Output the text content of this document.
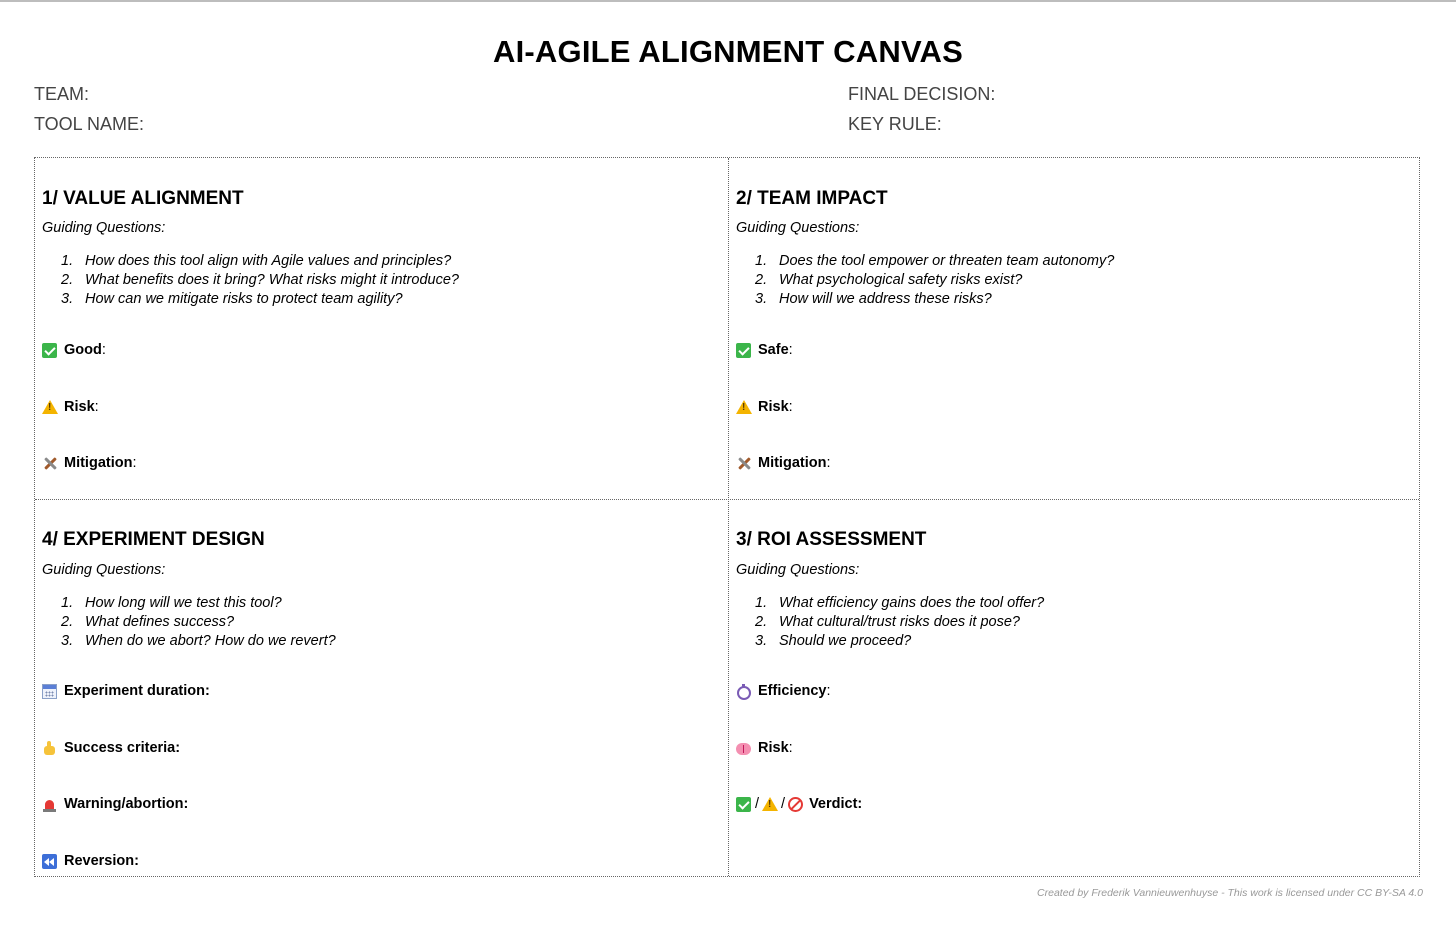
AI-AGILE ALIGNMENT CANVAS
TEAM:
TOOL NAME:
FINAL DECISION:
KEY RULE:
1/ VALUE ALIGNMENT
Guiding Questions:
1. How does this tool align with Agile values and principles?
2. What benefits does it bring? What risks might it introduce?
3. How can we mitigate risks to protect team agility?
Good :
!
Risk :
Mitigation :
2/ TEAM IMPACT
Guiding Questions:
1. Does the tool empower or threaten team autonomy?
2. What psychological safety risks exist?
3. How will we address these risks?
Safe :
!
Risk :
Mitigation :
4/ EXPERIMENT DESIGN
Guiding Questions:
1. How long will we test this tool?
2. What defines success?
3. When do we abort? How do we revert?
Experiment duration:
Success criteria:
Warning/abortion:
Reversion:
3/ ROI ASSESSMENT
Guiding Questions:
1. What efficiency gains does the tool offer?
2. What cultural/trust risks does it pose?
3. Should we proceed?
Efficiency :
Risk :
/
! / Verdict:
Created by Frederik Vannieuwenhuyse - This work is licensed under CC BY-SA 4.0
